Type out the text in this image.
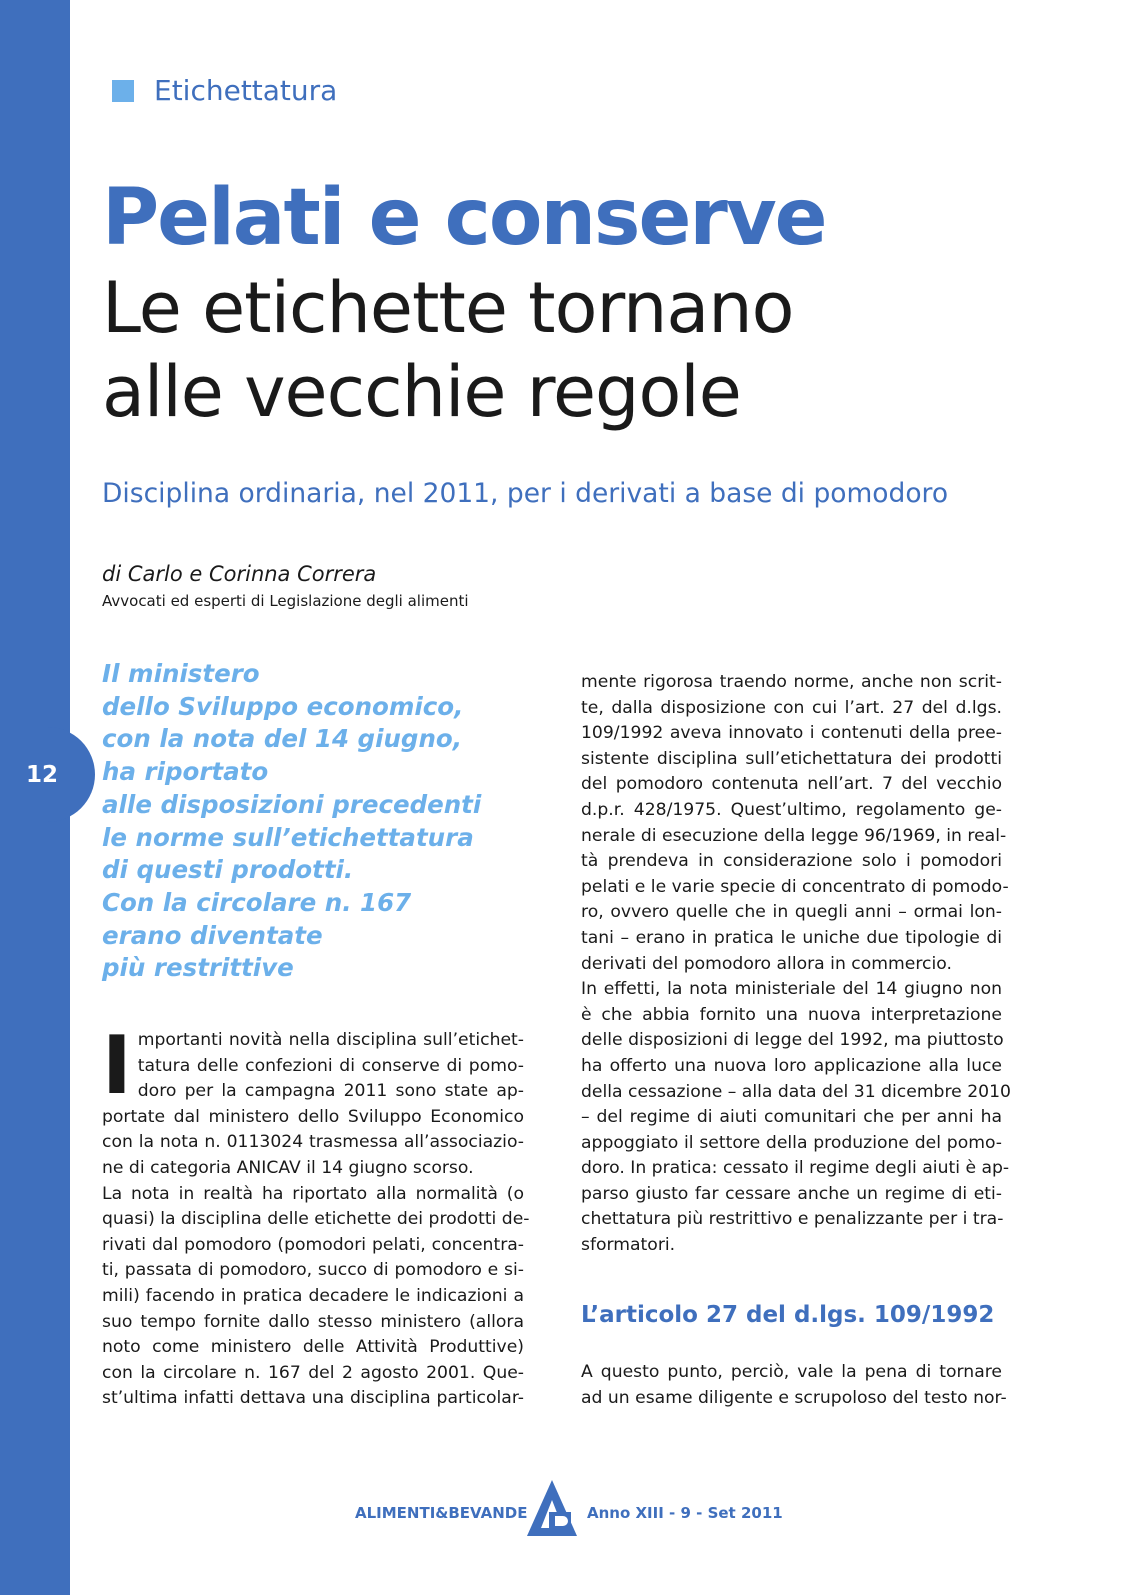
12
Etichettatura
Pelati e conserve
Le etichette tornano
alle vecchie regole
Disciplina ordinaria, nel 2011, per i derivati a base di pomodoro
di Carlo e Corinna Correra
Avvocati ed esperti di Legislazione degli alimenti
Il ministero
dello Sviluppo economico,
con la nota del 14 giugno,
ha riportato
alle disposizioni precedenti
le norme sull’etichettatura
di questi prodotti.
Con la circolare n. 167
erano diventate
più restrittive
I mportanti novità nella disciplina sull’etichet-
tatura delle confezioni di conserve di pomo-
doro per la campagna 2011 sono state ap-
portate dal ministero dello Sviluppo Economico
con la nota n. 0113024 trasmessa all’associazio-
ne di categoria ANICAV il 14 giugno scorso.
La nota in realtà ha riportato alla normalità (o
quasi) la disciplina delle etichette dei prodotti de-
rivati dal pomodoro (pomodori pelati, concentra-
ti, passata di pomodoro, succo di pomodoro e si-
mili) facendo in pratica decadere le indicazioni a
suo tempo fornite dallo stesso ministero (allora
noto come ministero delle Attività Produttive)
con la circolare n. 167 del 2 agosto 2001. Que-
st’ultima infatti dettava una disciplina particolar-
mente rigorosa traendo norme, anche non scrit-
te, dalla disposizione con cui l’art. 27 del d.lgs.
109/1992 aveva innovato i contenuti della pree-
sistente disciplina sull’etichettatura dei prodotti
del pomodoro contenuta nell’art. 7 del vecchio
d.p.r. 428/1975. Quest’ultimo, regolamento ge-
nerale di esecuzione della legge 96/1969, in real-
tà prendeva in considerazione solo i pomodori
pelati e le varie specie di concentrato di pomodo-
ro, ovvero quelle che in quegli anni – ormai lon-
tani – erano in pratica le uniche due tipologie di
derivati del pomodoro allora in commercio.
In effetti, la nota ministeriale del 14 giugno non
è che abbia fornito una nuova interpretazione
delle disposizioni di legge del 1992, ma piuttosto
ha offerto una nuova loro applicazione alla luce
della cessazione – alla data del 31 dicembre 2010
– del regime di aiuti comunitari che per anni ha
appoggiato il settore della produzione del pomo-
doro. In pratica: cessato il regime degli aiuti è ap-
parso giusto far cessare anche un regime di eti-
chettatura più restrittivo e penalizzante per i tra-
sformatori.
L’articolo 27 del d.lgs. 109/1992
A questo punto, perciò, vale la pena di tornare
ad un esame diligente e scrupoloso del testo nor-
ALIMENTI&BEVANDE	Anno XIII - 9 - Set 2011
